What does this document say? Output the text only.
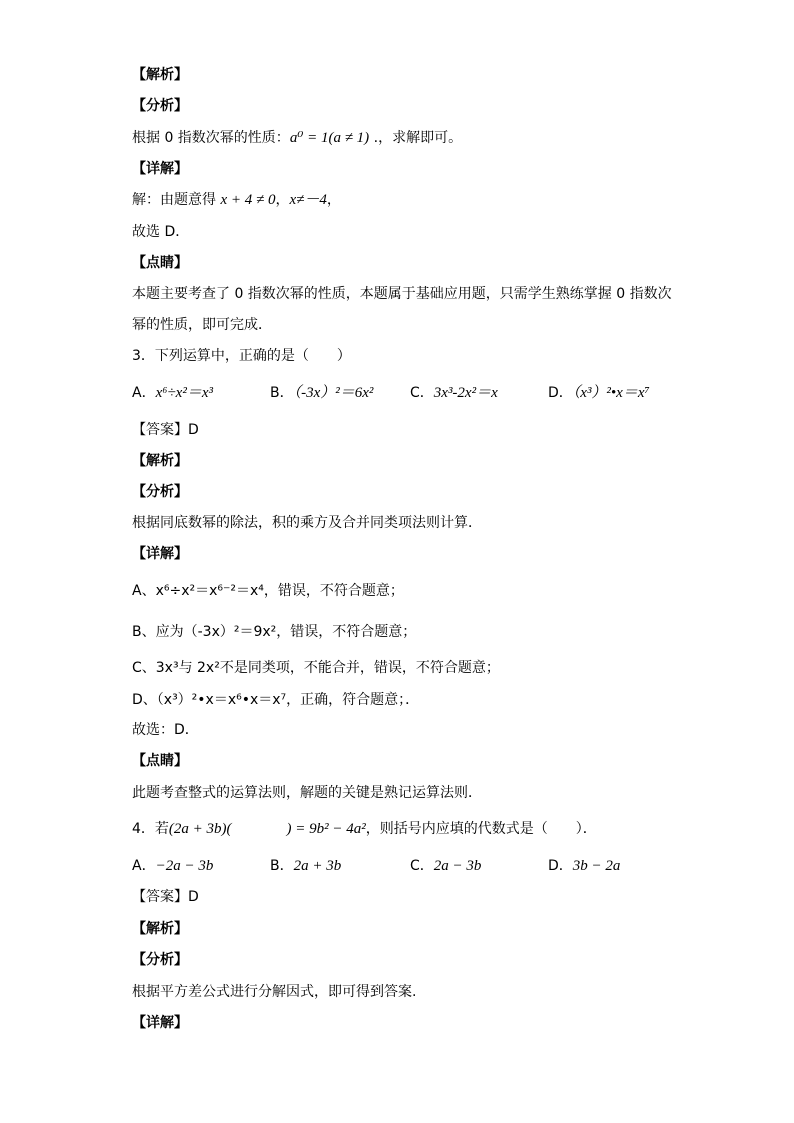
【解析】
【分析】
根据 0 指数次幂的性质：a⁰ = 1(a ≠ 1) .，求解即可。
【详解】
解：由题意得 x + 4 ≠ 0，x≠－4，
故选 D．
【点睛】
本题主要考查了 0 指数次幂的性质，本题属于基础应用题，只需学生熟练掌握 0 指数次
幂的性质，即可完成．
3．下列运算中，正确的是（　　）
A．x⁶÷x²＝x³	B．（-3x）²＝6x²	C．3x³-2x²＝x	D．（x³）²•x＝x⁷
【答案】D
【解析】
【分析】
根据同底数幂的除法，积的乘方及合并同类项法则计算．
【详解】
A、x⁶÷x²＝x⁶⁻²＝x⁴，错误，不符合题意；
B、应为（-3x）²＝9x²，错误，不符合题意；
C、3x³与 2x²不是同类项，不能合并，错误，不符合题意；
D、（x³）²•x＝x⁶•x＝x⁷，正确，符合题意；．
故选：D．
【点睛】
此题考查整式的运算法则，解题的关键是熟记运算法则．
4．若(2a + 3b)(	) = 9b² − 4a²，则括号内应填的代数式是（　　）．
A．−2a − 3b	B．2a + 3b	C．2a − 3b	D．3b − 2a
【答案】D
【解析】
【分析】
根据平方差公式进行分解因式，即可得到答案.
【详解】
